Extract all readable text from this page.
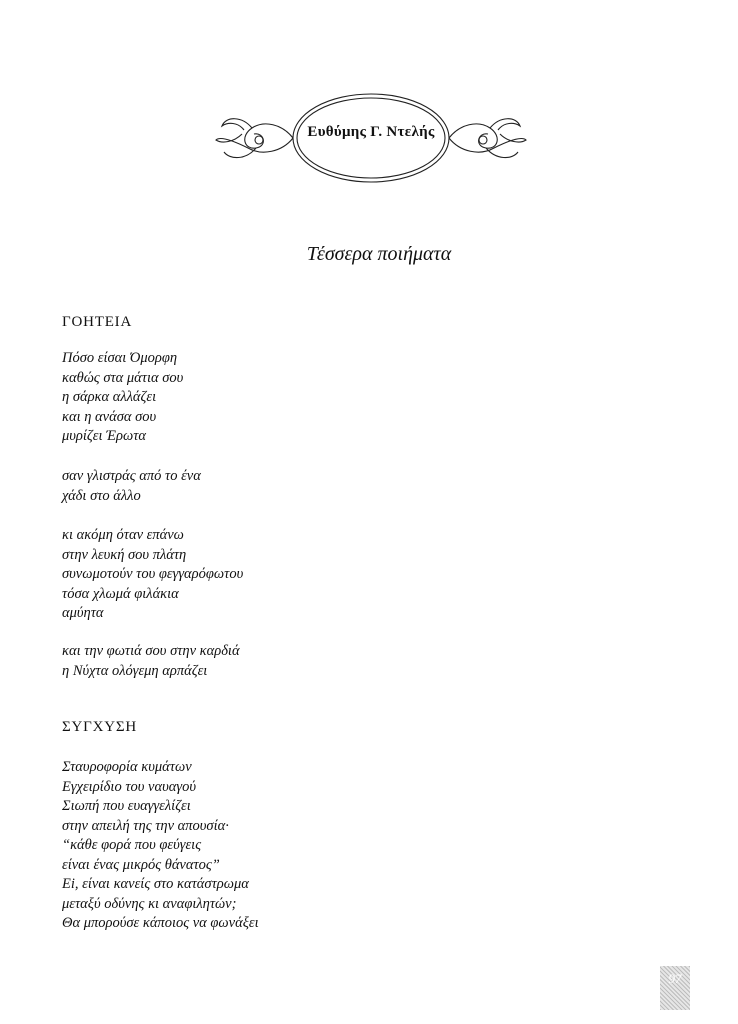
Ευθύμης Γ. Ντελής
Τέσσερα ποιήματα
ΓΟΗΤΕΙΑ
Πόσο είσαι Όμορφη
καθώς στα μάτια σου
η σάρκα αλλάζει
και η ανάσα σου
μυρίζει Έρωτα
σαν γλιστράς από το ένα
χάδι στο άλλο
κι ακόμη όταν επάνω
στην λευκή σου πλάτη
συνωμοτούν του φεγγαρόφωτου
τόσα χλωμά φιλάκια
αμύητα
και την φωτιά σου στην καρδιά
η Νύχτα ολόγεμη αρπάζει
ΣΥΓΧΥΣΗ
Σταυροφορία κυμάτων
Εγχειρίδιο του ναυαγού
Σιωπή που ευαγγελίζει
στην απειλή της την απουσία·
“κάθε φορά που φεύγεις
είναι ένας μικρός θάνατος”
Ei, είναι κανείς στο κατάστρωμα
μεταξύ οδύνης κι αναφιλητών;
Θα μπορούσε κάποιος να φωνάξει
97
